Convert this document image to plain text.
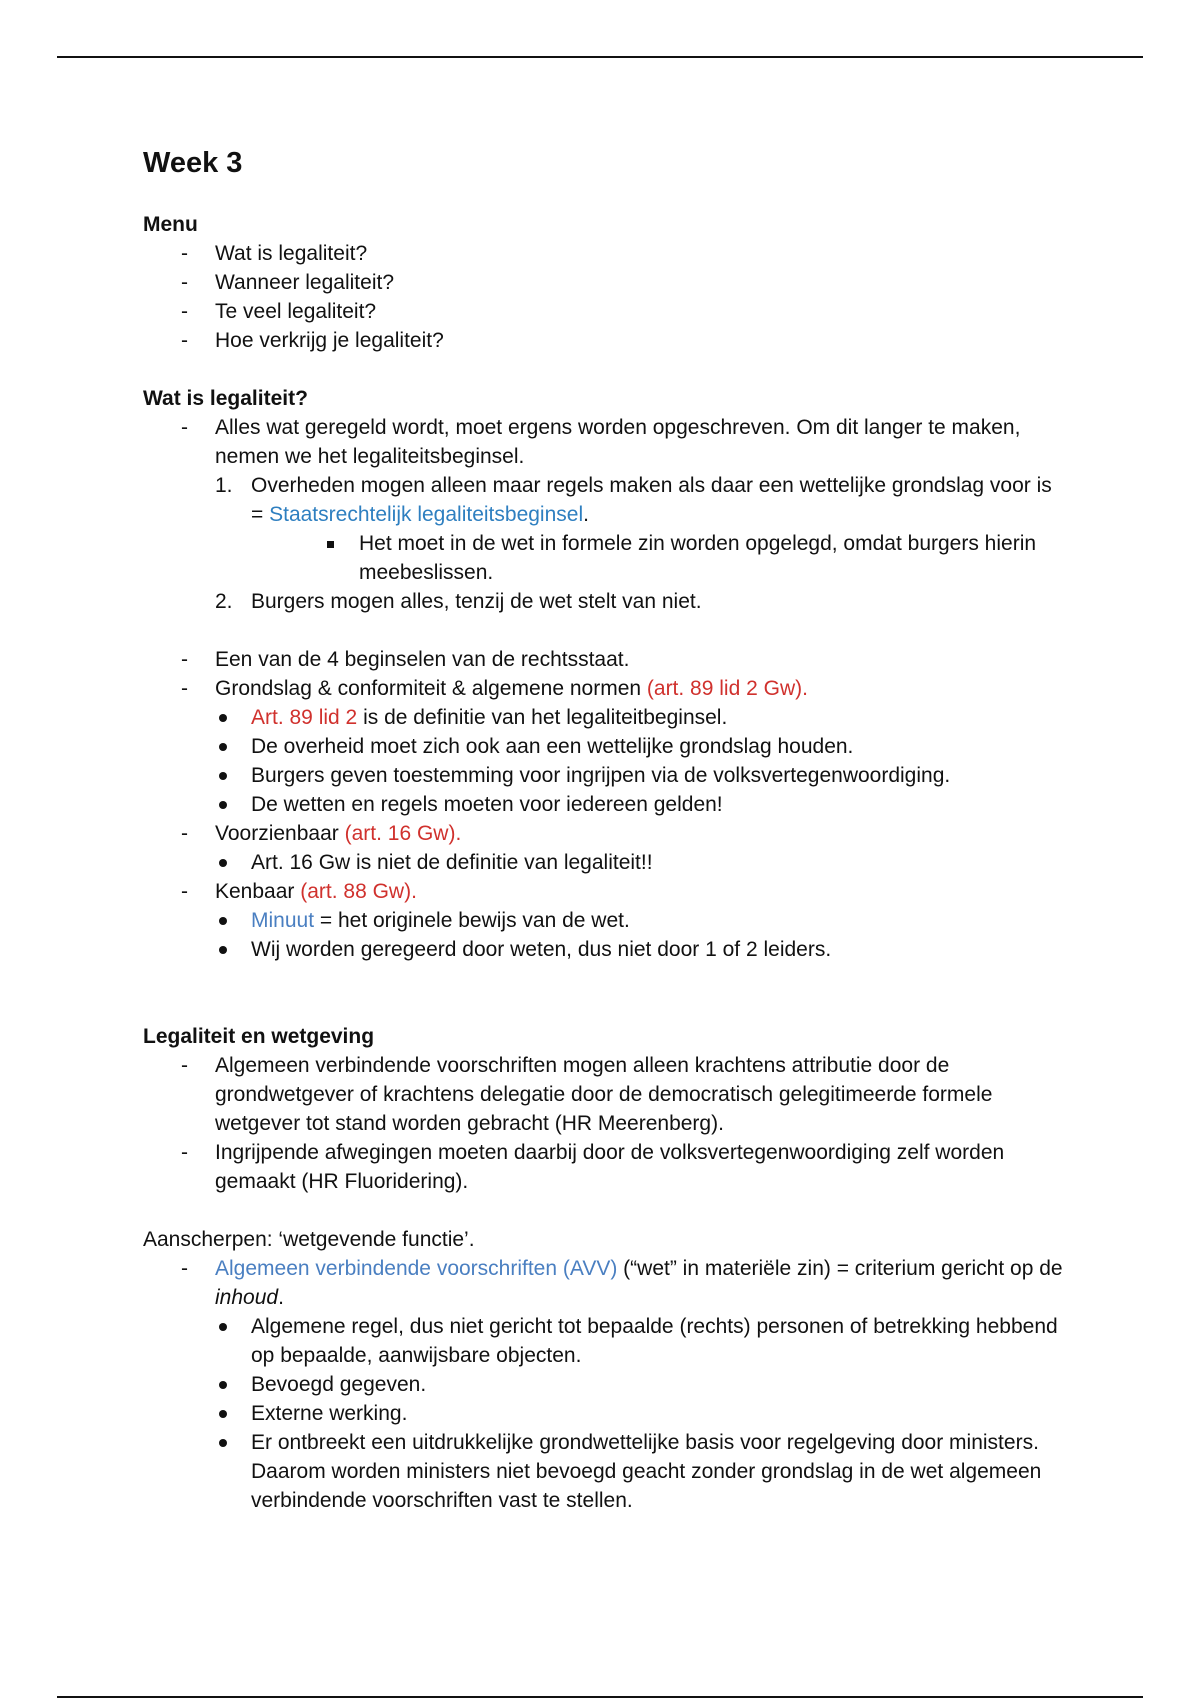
Week 3

Menu

- Wat is legaliteit?
- Wanneer legaliteit?
- Te veel legaliteit?
- Hoe verkrijg je legaliteit?

Wat is legaliteit?

- Alles wat geregeld wordt, moet ergens worden opgeschreven. Om dit langer te maken, nemen we het legaliteitsbeginsel.
1. Overheden mogen alleen maar regels maken als daar een wettelijke grondslag voor is = Staatsrechtelijk legaliteitsbeginsel.
Het moet in de wet in formele zin worden opgelegd, omdat burgers hierin meebeslissen.
2. Burgers mogen alles, tenzij de wet stelt van niet.
- Een van de 4 beginselen van de rechtsstaat.
- Grondslag & conformiteit & algemene normen (art. 89 lid 2 Gw).
Art. 89 lid 2 is de definitie van het legaliteitbeginsel.
De overheid moet zich ook aan een wettelijke grondslag houden.
Burgers geven toestemming voor ingrijpen via de volksvertegenwoordiging.
De wetten en regels moeten voor iedereen gelden!
- Voorzienbaar (art. 16 Gw).
Art. 16 Gw is niet de definitie van legaliteit!!
- Kenbaar (art. 88 Gw).
Minuut = het originele bewijs van de wet.
Wij worden geregeerd door weten, dus niet door 1 of 2 leiders.

Legaliteit en wetgeving

- Algemeen verbindende voorschriften mogen alleen krachtens attributie door de grondwetgever of krachtens delegatie door de democratisch gelegitimeerde formele wetgever tot stand worden gebracht (HR Meerenberg).
- Ingrijpende afwegingen moeten daarbij door de volksvertegenwoordiging zelf worden gemaakt (HR Fluoridering).

Aanscherpen: ‘wetgevende functie’.

- Algemeen verbindende voorschriften (AVV) (“wet” in materiële zin) = criterium gericht op de inhoud.
Algemene regel, dus niet gericht tot bepaalde (rechts) personen of betrekking hebbend op bepaalde, aanwijsbare objecten.
Bevoegd gegeven.
Externe werking.
Er ontbreekt een uitdrukkelijke grondwettelijke basis voor regelgeving door ministers. Daarom worden ministers niet bevoegd geacht zonder grondslag in de wet algemeen verbindende voorschriften vast te stellen.
